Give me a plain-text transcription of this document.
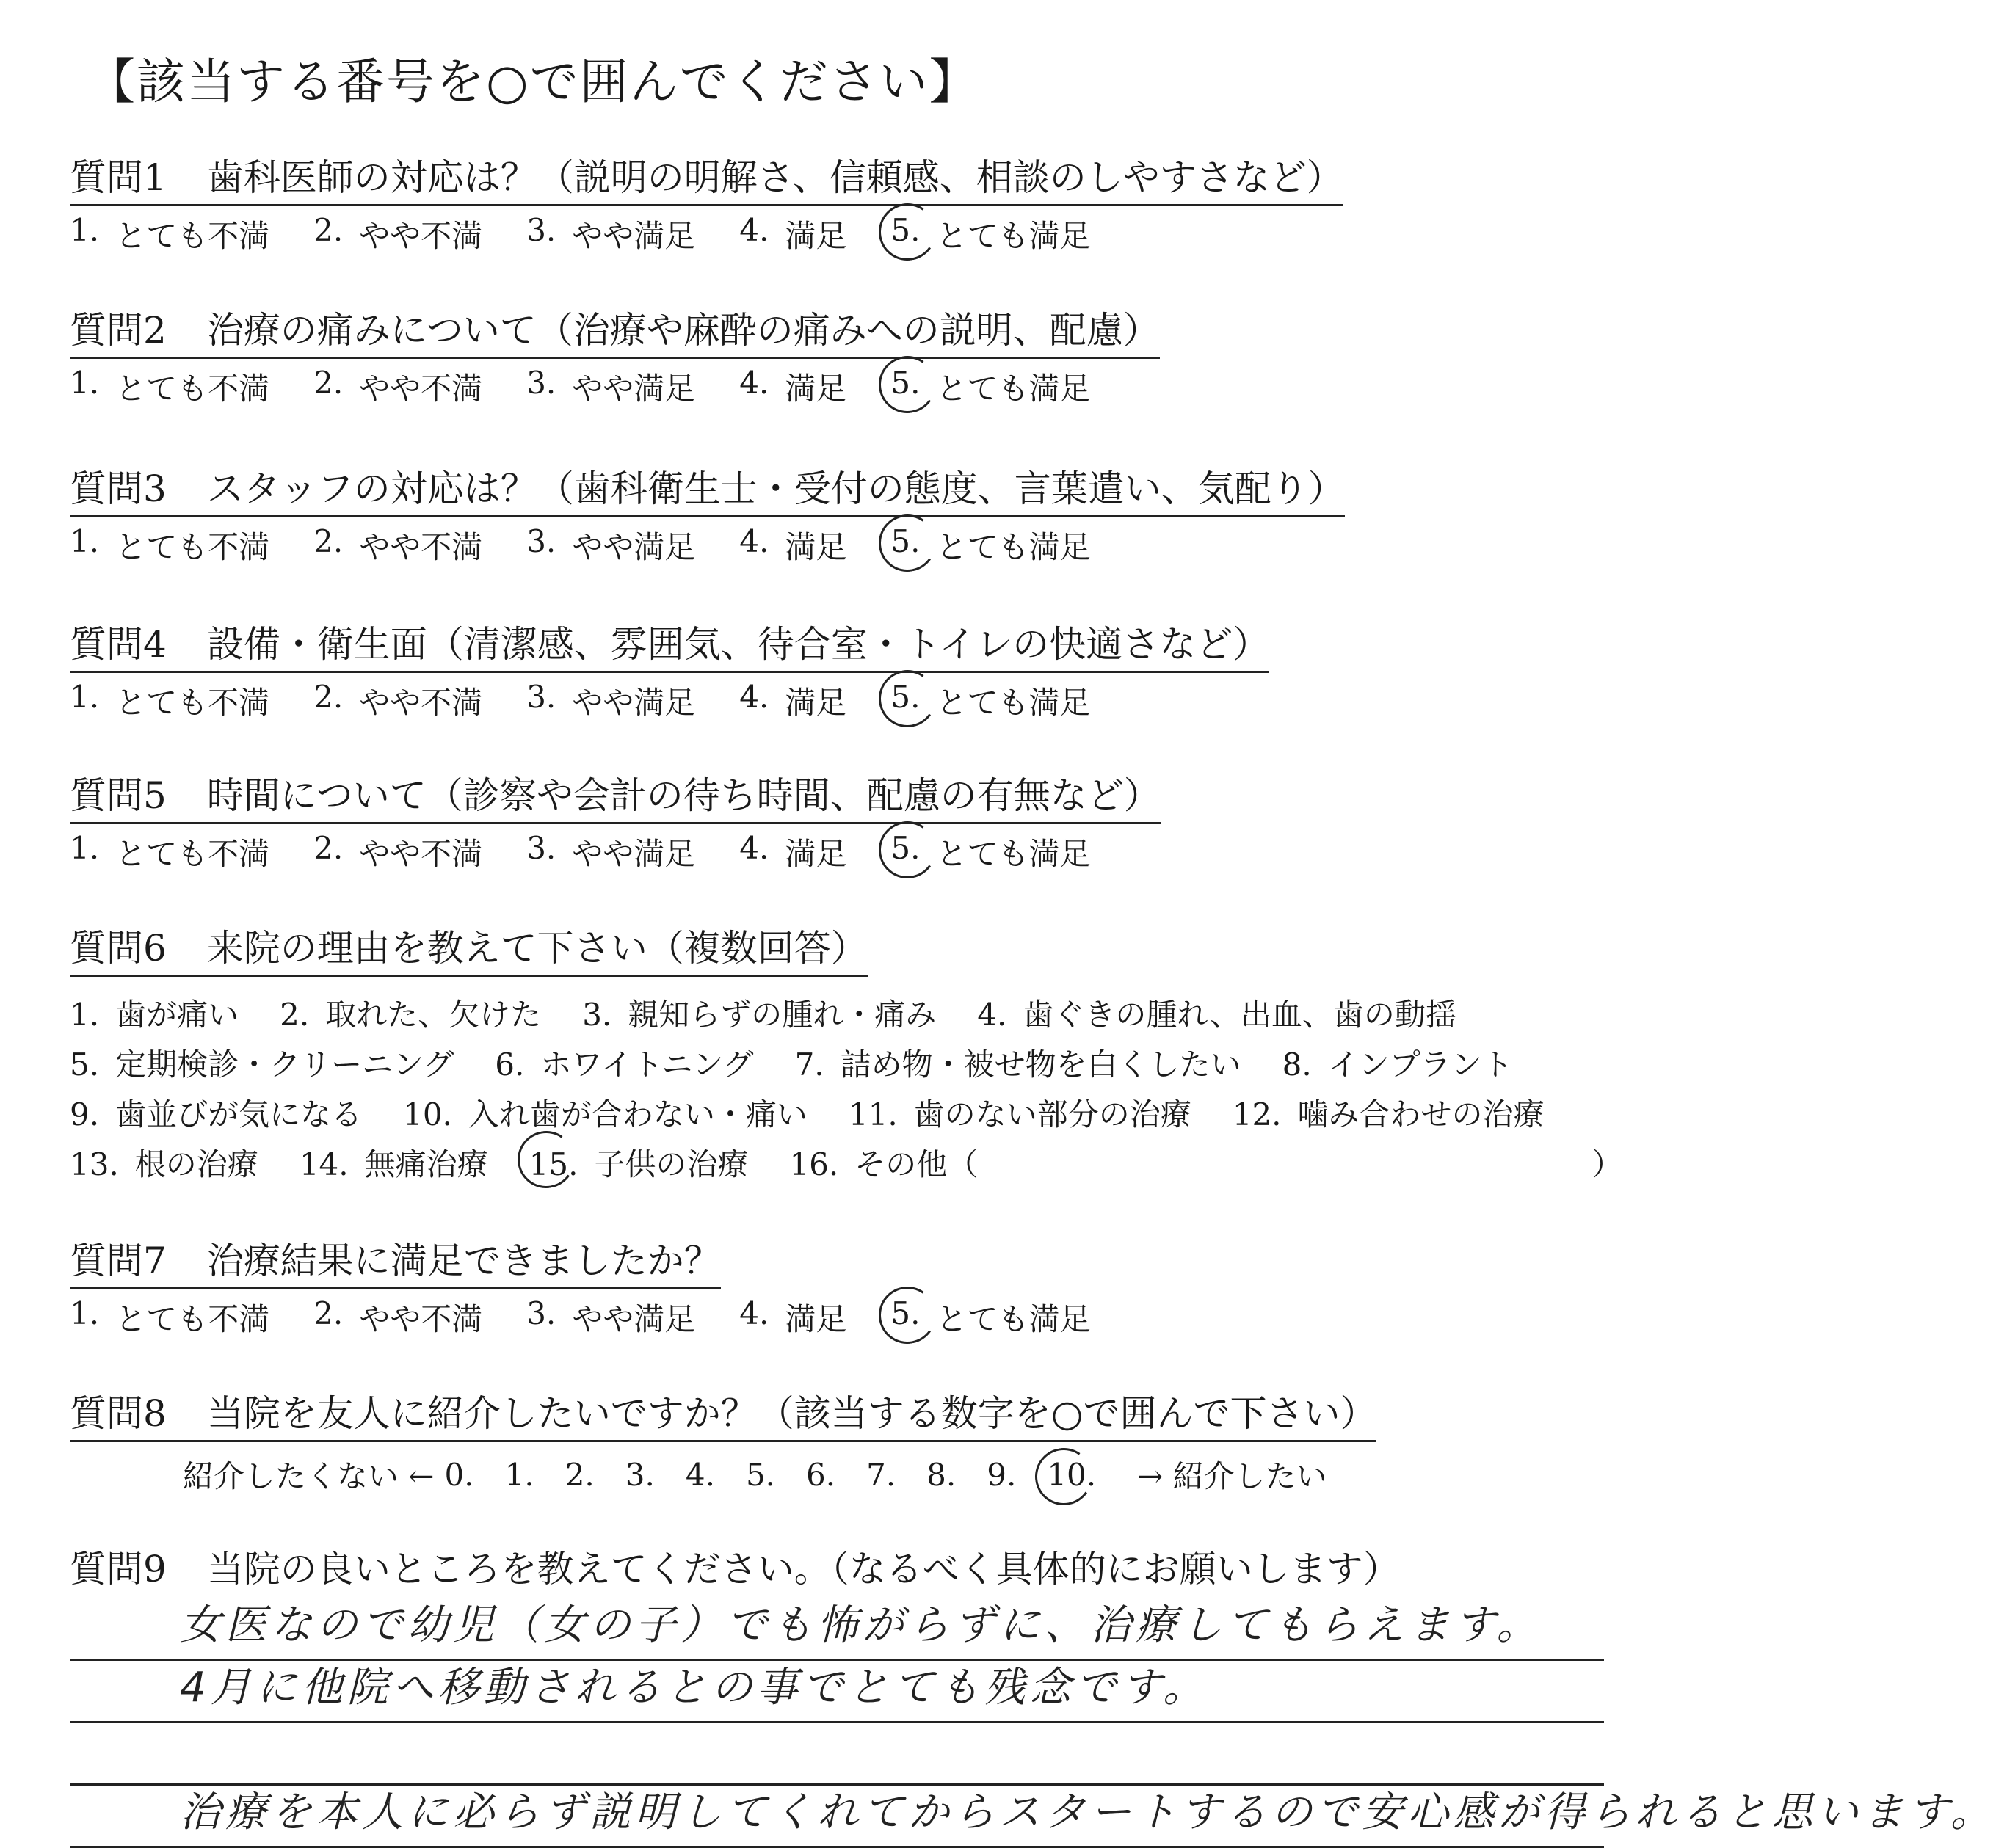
【該当する番号を○で囲んでください】
質問1 歯科医師の対応は？（説明の明解さ、信頼感、相談のしやすさなど）
1. とても不満 2. やや不満 3. やや満足 4. 満足 5. とても満足
質問2 治療の痛みについて（治療や麻酔の痛みへの説明、配慮）
1. とても不満 2. やや不満 3. やや満足 4. 満足 5. とても満足
質問3 スタッフの対応は？（歯科衛生士・受付の態度、言葉遣い、気配り）
1. とても不満 2. やや不満 3. やや満足 4. 満足 5. とても満足
質問4 設備・衛生面（清潔感、雰囲気、待合室・トイレの快適さなど）
1. とても不満 2. やや不満 3. やや満足 4. 満足 5. とても満足
質問5 時間について（診察や会計の待ち時間、配慮の有無など）
1. とても不満 2. やや不満 3. やや満足 4. 満足 5. とても満足
質問6 来院の理由を教えて下さい（複数回答）
1. 歯が痛い 2. 取れた、欠けた 3. 親知らずの腫れ・痛み 4. 歯ぐきの腫れ、出血、歯の動揺
5. 定期検診・クリーニング 6. ホワイトニング 7. 詰め物・被せ物を白くしたい 8. インプラント
9. 歯並びが気になる 10. 入れ歯が合わない・痛い 11. 歯のない部分の治療 12. 噛み合わせの治療
13. 根の治療 14. 無痛治療 15. 子供の治療 16. その他（	）
質問7 治療結果に満足できましたか？
1. とても不満 2. やや不満 3. やや満足 4. 満足 5. とても満足
質問8 当院を友人に紹介したいですか？（該当する数字を○で囲んで下さい）
紹介したくない ← 0. 1. 2. 3. 4. 5. 6. 7. 8. 9. 10. → 紹介したい
質問9 当院の良いところを教えてください。（なるべく具体的にお願いします）
女医なので幼児（女の子）でも怖がらずに、治療してもらえます。
4月に他院へ移動されるとの事でとても残念です。
治療を本人に必らず説明してくれてからスタートするので安心感が得られると思います。
